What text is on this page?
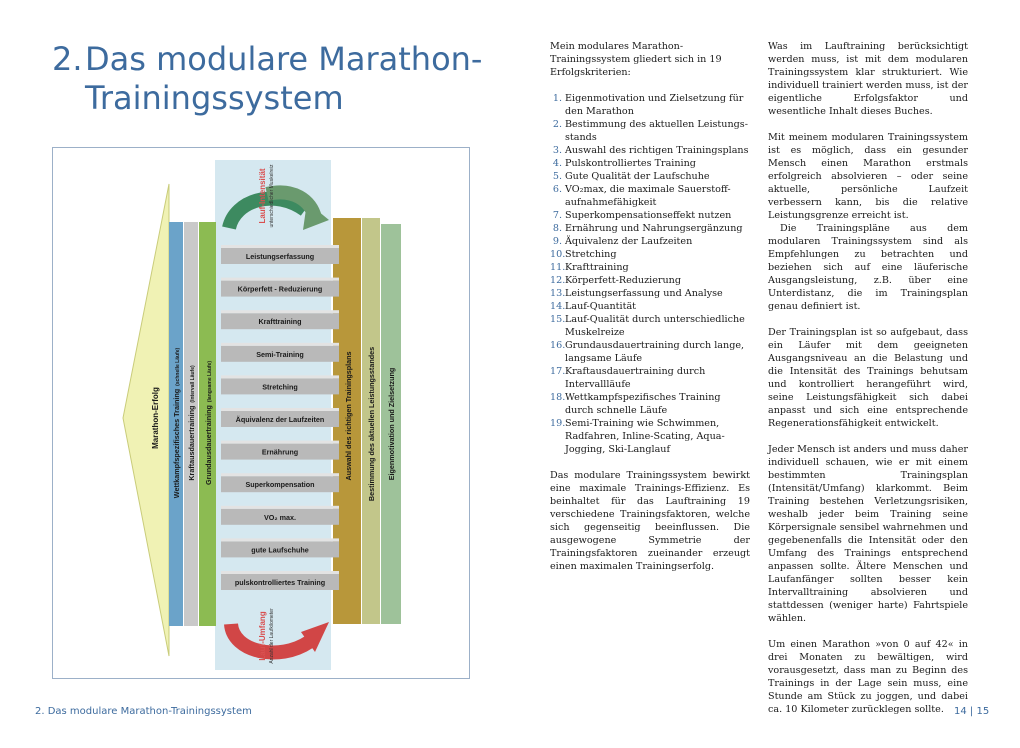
2.Das modulare Marathon-
Trainingssystem
Marathon-Erfolg Wettkampfspezifisches Training(schnelle Läufe)
Kraftausdauertraining(Intervall Läufe)
Grundausdauertraining(langsame Läufe)	Auswahl des richtigen Trainingsplans Bestimmung des aktuellen Leistungsstandes Eigenmotivation und Zielsetzung
Lauf-Intensität unterschiedlicher Muskelreiz
Leistungserfassung
Körperfett - Reduzierung
Krafttraining
Semi-Training
Stretching
Äquivalenz der Laufzeiten
Ernährung
Superkompensation
VO₂ max.
gute Laufschuhe
pulskontrolliertes Training
Lauf-Umfang Anzahl der Laufkilometer

Mein modulares Marathon-Trainingssystem gliedert sich in 19 Erfolgskriterien:

1. Eigenmotivation und Zielsetzung für den Marathon
2. Bestimmung des aktuellen Leistungs-stands
3. Auswahl des richtigen Trainingsplans
4. Pulskontrolliertes Training
5. Gute Qualität der Laufschuhe
6. VO₂max, die maximale Sauerstoff-aufnahmefähigkeit
7. Superkompensationseffekt nutzen
8. Ernährung und Nahrungsergänzung
9. Äquivalenz der Laufzeiten
10. Stretching
11. Krafttraining
12. Körperfett-Reduzierung
13. Leistungserfassung und Analyse
14. Lauf-Quantität
15. Lauf-Qualität durch unterschiedliche Muskelreize
16. Grundausdauertraining durch lange, langsame Läufe
17. Kraftausdauertraining durch Intervallläufe
18. Wettkampfspezifisches Training durch schnelle Läufe
19. Semi-Training wie Schwimmen, Radfahren, Inline-Scating, Aqua-Jogging, Ski-Langlauf

Das modulare Trainingssystem bewirkt eine maximale Trainings-Effizienz. Es beinhaltet für das Lauftraining 19 verschiedene Trainingsfaktoren, welche sich gegenseitig beeinflussen. Die ausgewogene Symmetrie der Trainingsfaktoren zueinander erzeugt einen maximalen Trainingserfolg.

Was im Lauftraining berücksichtigt werden muss, ist mit dem modularen Trainingssystem klar strukturiert. Wie individuell trainiert werden muss, ist der eigentliche Erfolgsfaktor und wesentliche Inhalt dieses Buches.

Mit meinem modularen Trainingssystem ist es möglich, dass ein gesunder Mensch einen Marathon erstmals erfolgreich absolvieren – oder seine aktuelle, persönliche Laufzeit verbessern kann, bis die relative Leistungsgrenze erreicht ist.

Die Trainingspläne aus dem modularen Trainingssystem sind als Empfehlungen zu betrachten und beziehen sich auf eine läuferische Ausgangsleistung, z.B. über eine Unterdistanz, die im Trainingsplan genau definiert ist.

Der Trainingsplan ist so aufgebaut, dass ein Läufer mit dem geeigneten Ausgangsniveau an die Belastung und die Intensität des Trainings behutsam und kontrolliert herangeführt wird, seine Leistungsfähigkeit sich dabei anpasst und sich eine entsprechende Regenerationsfähigkeit entwickelt.

Jeder Mensch ist anders und muss daher individuell schauen, wie er mit einem bestimmten Trainingsplan (Intensität/Umfang) klarkommt. Beim Training bestehen Verletzungsrisiken, weshalb jeder beim Training seine Körpersignale sensibel wahrnehmen und gegebenenfalls die Intensität oder den Umfang des Trainings entsprechend anpassen sollte. Ältere Menschen und Laufanfänger sollten besser kein Intervalltraining absolvieren und stattdessen (weniger harte) Fahrtspiele wählen.

Um einen Marathon »von 0 auf 42« in drei Monaten zu bewältigen, wird vorausgesetzt, dass man zu Beginn des Trainings in der Lage sein muss, eine Stunde am Stück zu joggen, und dabei ca. 10 Kilometer zurücklegen sollte.

2. Das modulare Marathon-Trainingssystem	14 | 15
